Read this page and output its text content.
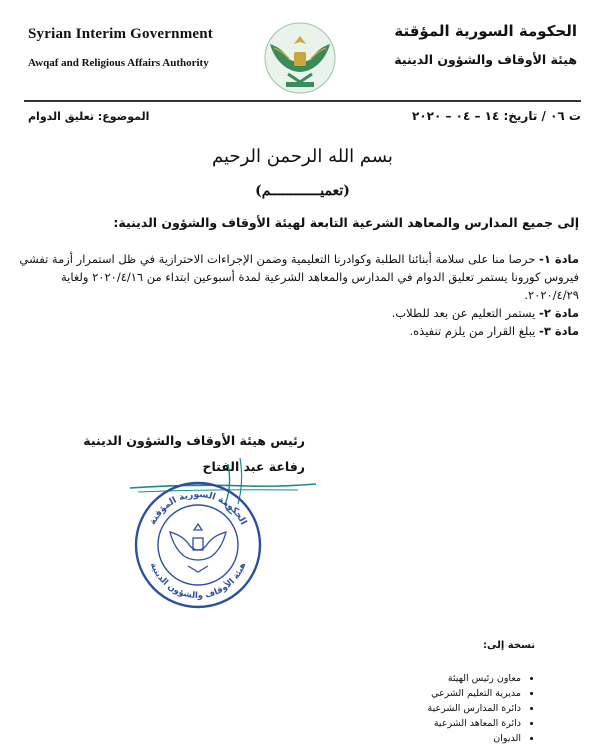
Syrian Interim Government
Awqaf and Religious Affairs Authority
الحكومة السورية المؤقتة
هيئة الأوقاف والشؤون الدينية
ت ٠٦ / تاريخ: ١٤ – ٠٤ – ٢٠٢٠
الموضوع: تعليق الدوام
بسم الله الرحمن الرحيم
(تعميــــــــــــم)
إلى جميع المدارس والمعاهد الشرعية التابعة لهيئة الأوقاف والشؤون الدينية:

مادة ١- حرصا منا على سلامة أبنائنا الطلبة وكوادرنا التعليمية وضمن الإجراءات الاحترازية في ظل استمرار أزمة تفشي فيروس كورونا يستمر تعليق الدوام في المدارس والمعاهد الشرعية لمدة أسبوعين ابتداء من ٢٠٢٠/٤/١٦ ولغاية ٢٠٢٠/٤/٢٩.

مادة ٢- يستمر التعليم عن بعد للطلاب.

مادة ٣- يبلغ القرار من يلزم تنفيذه.

رئيس هيئة الأوقاف والشؤون الدينية
رفاعة عبد الفتاح
الحكومة السورية المؤقتة
هيئة الأوقاف والشؤون الدينية
نسخة إلى:
• معاون رئيس الهيئة
• مديرية التعليم الشرعي
• دائرة المدارس الشرعية
• دائرة المعاهد الشرعية
• الديوان
